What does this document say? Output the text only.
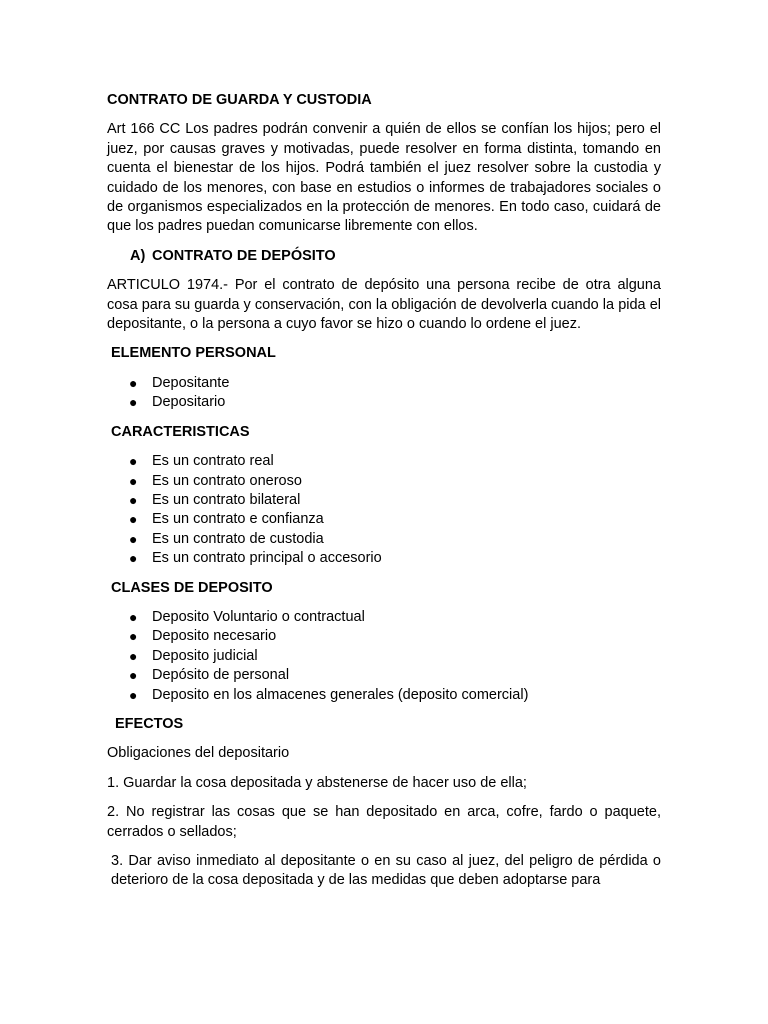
CONTRATO DE GUARDA Y CUSTODIA

Art 166 CC Los padres podrán convenir a quién de ellos se confían los hijos; pero el juez, por causas graves y motivadas, puede resolver en forma distinta, tomando en cuenta el bienestar de los hijos. Podrá también el juez resolver sobre la custodia y cuidado de los menores, con base en estudios o informes de trabajadores sociales o de organismos especializados en la protección de menores. En todo caso, cuidará de que los padres puedan comunicarse libremente con ellos.

A) CONTRATO DE DEPÓSITO

ARTICULO 1974.- Por el contrato de depósito una persona recibe de otra alguna cosa para su guarda y conservación, con la obligación de devolverla cuando la pida el depositante, o la persona a cuyo favor se hizo o cuando lo ordene el juez.

ELEMENTO PERSONAL
● Depositante
● Depositario
CARACTERISTICAS
● Es un contrato real
● Es un contrato oneroso
● Es un contrato bilateral
● Es un contrato e confianza
● Es un contrato de custodia
● Es un contrato principal o accesorio
CLASES DE DEPOSITO
● Deposito Voluntario o contractual
● Deposito necesario
● Deposito judicial
● Depósito de personal
● Deposito en los almacenes generales (deposito comercial)
EFECTOS

Obligaciones del depositario

1. Guardar la cosa depositada y abstenerse de hacer uso de ella;

2. No registrar las cosas que se han depositado en arca, cofre, fardo o paquete, cerrados o sellados;

3. Dar aviso inmediato al depositante o en su caso al juez, del peligro de pérdida o deterioro de la cosa depositada y de las medidas que deben adoptarse para
